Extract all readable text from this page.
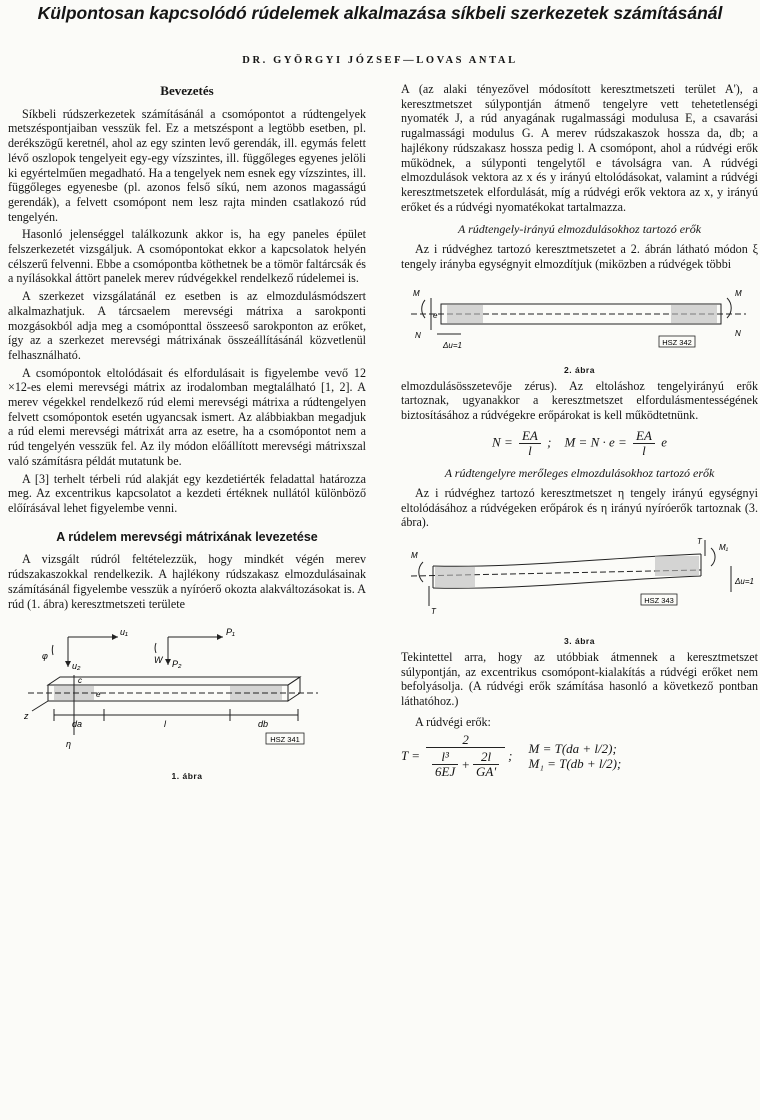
Külpontosan kapcsolódó rúdelemek alkalmazása síkbeli szerkezetek számításánál
DR. GYÖRGYI JÓZSEF—LOVAS ANTAL
Bevezetés

Síkbeli rúdszerkezetek számításánál a csomópontot a rúdtengelyek metszéspontjaiban vesszük fel. Ez a metszéspont a legtöbb esetben, pl. derékszögű keretnél, ahol az egy szinten levő gerendák, ill. egymás felett lévő oszlopok tengelyeit egy-egy vízszintes, ill. függőleges egyenes jelöli ki egyértelműen megadható. Ha a tengelyek nem esnek egy vízszintes, ill. függőleges egyenesbe (pl. azonos felső síkú, nem azonos magasságú gerendák), a felvett csomópont nem lesz rajta minden csatlakozó rúd tengelyén.

Hasonló jelenséggel találkozunk akkor is, ha egy paneles épület felszerkezetét vizsgáljuk. A csomópontokat ekkor a kapcsolatok helyén célszerű felvenni. Ebbe a csomópontba köthetnek be a tömör faltárcsák és a nyílásokkal áttört panelek merev rúdvégekkel rendelkező rúdelemei is.

A szerkezet vizsgálatánál ez esetben is az elmozdulásmódszert alkalmazhatjuk. A tárcsaelem merevségi mátrixa a sarokponti mozgásokból adja meg a csomóponttal összeeső sarokponton az erőket, így az a szerkezet merevségi mátrixának összeállításánál közvetlenül felhasználható.

A csomópontok eltolódásait és elfordulásait is figyelembe vevő 12 ×12-es elemi merevségi mátrix az irodalomban megtalálható [1, 2]. A merev végekkel rendelkező rúd elemi merevségi mátrixa a rúdtengelyen felvett csomópontok esetén ugyancsak ismert. Az alábbiakban megadjuk a rúd elemi merevségi mátrixát arra az esetre, ha a csomópontot nem a rúd tengelyén vesszük fel. Az ily módon előállított merevségi mátrixszal való számításra példát mutatunk be.

A [3] terhelt térbeli rúd alakját egy kezdetiérték feladattal határozza meg. Az excentrikus kapcsolatot a kezdeti értéknek nullától különböző előírásával lehet figyelembe venni.

A rúdelem merevségi mátrixának levezetése

A vizsgált rúdról feltételezzük, hogy mindkét végén merev rúdszakaszokkal rendelkezik. A hajlékony rúdszakasz elmozdulásainak számításánál figyelembe vesszük a nyíróerő okozta alakváltozásokat is. A rúd (1. ábra) keresztmetszeti területe

u₁
φ
u₂
P₁
W P₂
e
c
da	l	db
z
η	HSZ 341
1. ábra

A (az alaki tényezővel módosított keresztmetszeti terület A'), a keresztmetszet súlypontján átmenő tengelyre vett tehetetlenségi nyomaték J, a rúd anyagának rugalmassági modulusa E, a csavarási rugalmassági modulus G. A merev rúdszakaszok hossza da, db; a hajlékony rúdszakasz hossza pedig l. A csomópont, ahol a rúdvégi erők működnek, a súlyponti tengelytől e távolságra van. A rúdvégi elmozdulások vektora az x és y irányú eltolódásokat, valamint a rúdvégi keresztmetszetek elfordulását, míg a rúdvégi erők vektora az x, y irányú erőket és a rúdvégi nyomatékokat tartalmazza.

A rúdtengely-irányú elmozdulásokhoz tartozó erők

Az i rúdvéghez tartozó keresztmetszetet a 2. ábrán látható módon ξ tengely irányba egységnyit elmozdítjuk (miközben a rúdvégek többi

M
N
e
Δu=1
N
M
HSZ 342
2. ábra

elmozdulásösszetevője zérus). Az eltoláshoz tengelyirányú erők tartoznak, ugyanakkor a keresztmetszet elfordulásmentességének biztosításához a rúdvégekre erőpárokat is kell működtetnünk.

$N = \frac{EA}{l}$ ; $M = N \cdot e = \frac{EA}{l}$ e
A rúdtengelyre merőleges elmozdulásokhoz tartozó erők

Az i rúdvéghez tartozó keresztmetszet η tengely irányú egységnyi eltolódásához a rúdvégeken erőpárok és η irányú nyíróerők tartoznak (3. ábra).

M
T
T
M₁
Δu=1
HSZ 343
3. ábra

Tekintettel arra, hogy az utóbbiak átmennek a keresztmetszet súlypontján, az excentrikus csomópont-kialakítás a rúdvégi erőket nem befolyásolja. (A rúdvégi erők számítása hasonló a következő pontban láthatóhoz.)

A rúdvégi erők:

$T = \frac{2}{\frac{\text{l³}}{6EJ} + \frac{2l}{GA'}}$ ; M = T(da + l/2);
M₁ = T(db + l/2);
